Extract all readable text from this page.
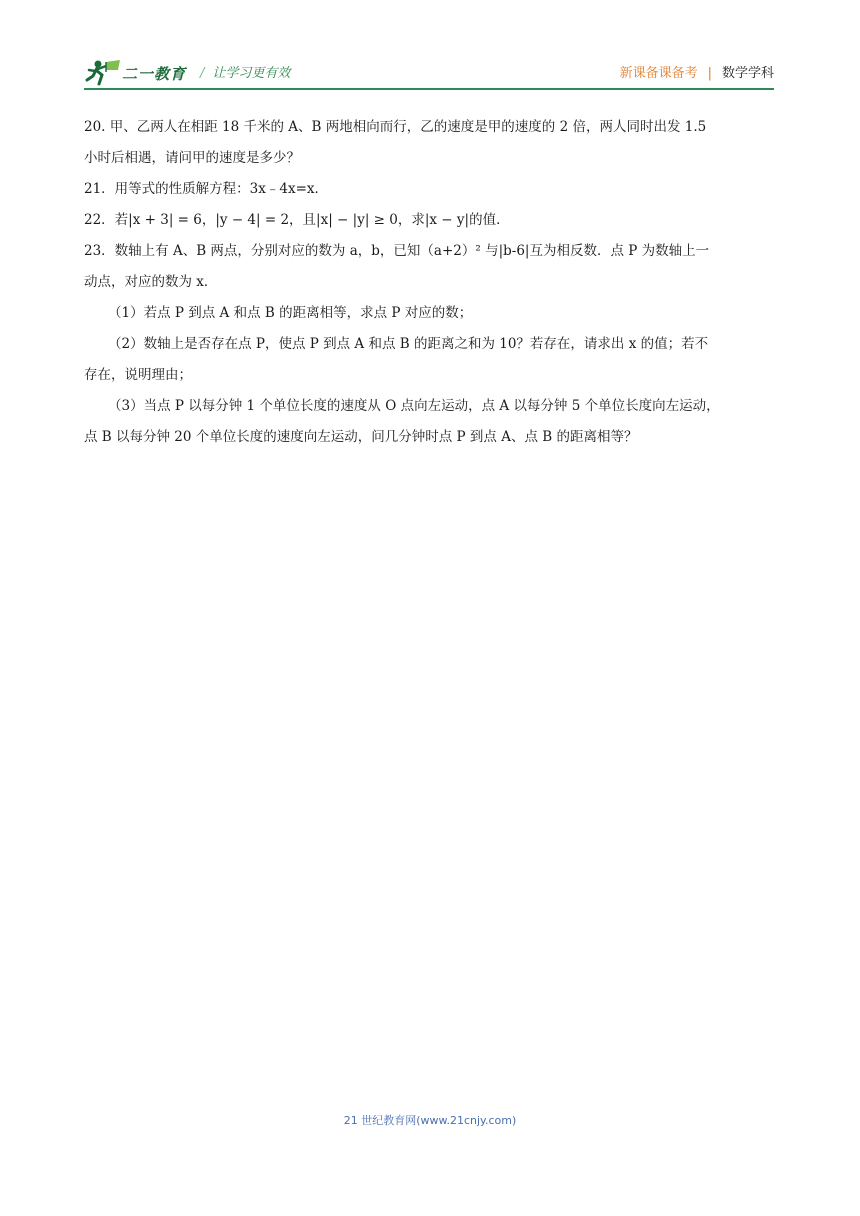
二一教育 / 让学习更有效	新课备课备考 | 数学学科

20. 甲、乙两人在相距 18 千米的 A、B 两地相向而行，乙的速度是甲的速度的 2 倍，两人同时出发 1.5

小时后相遇，请问甲的速度是多少？

21．用等式的性质解方程：3x﹣4x=x．

22．若|x + 3| = 6，|y − 4| = 2，且|x| − |y| ≥ 0，求|x − y|的值．

23．数轴上有 A、B 两点，分别对应的数为 a，b，已知（a+2）² 与|b-6|互为相反数．点 P 为数轴上一

动点，对应的数为 x．

（1）若点 P 到点 A 和点 B 的距离相等，求点 P 对应的数；

（2）数轴上是否存在点 P，使点 P 到点 A 和点 B 的距离之和为 10？若存在，请求出 x 的值；若不

存在，说明理由；

（3）当点 P 以每分钟 1 个单位长度的速度从 O 点向左运动，点 A 以每分钟 5 个单位长度向左运动，

点 B 以每分钟 20 个单位长度的速度向左运动，问几分钟时点 P 到点 A、点 B 的距离相等？

21 世纪教育网(www.21cnjy.com)
